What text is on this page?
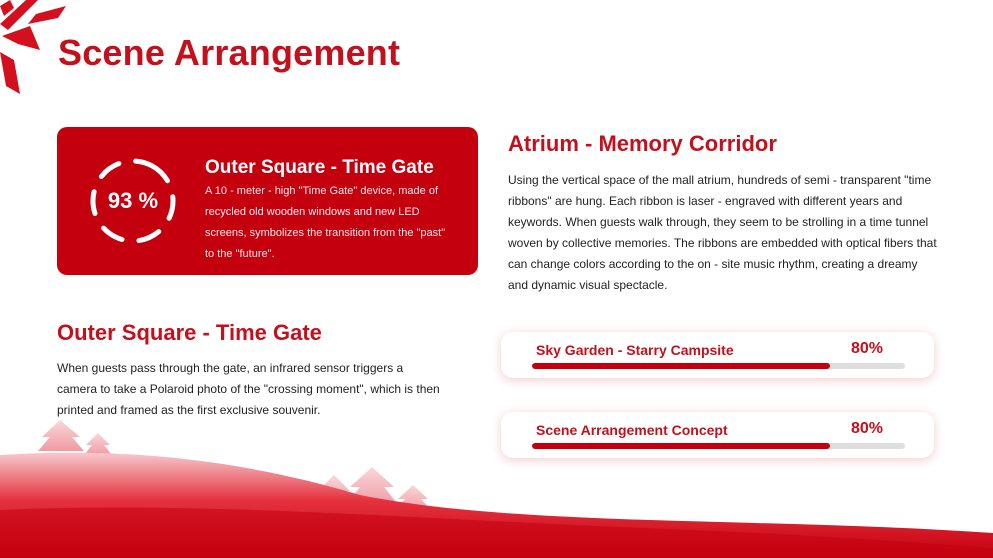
Scene Arrangement
93 %
Outer Square - Time Gate

A 10 - meter - high "Time Gate" device, made of recycled old wooden windows and new LED screens, symbolizes the transition from the "past" to the "future".

Atrium - Memory Corridor

Using the vertical space of the mall atrium, hundreds of semi - transparent "time ribbons" are hung. Each ribbon is laser - engraved with different years and keywords. When guests walk through, they seem to be strolling in a time tunnel woven by collective memories. The ribbons are embedded with optical fibers that can change colors according to the on - site music rhythm, creating a dreamy and dynamic visual spectacle.

Outer Square - Time Gate

When guests pass through the gate, an infrared sensor triggers a camera to take a Polaroid photo of the "crossing moment", which is then printed and framed as the first exclusive souvenir.

Sky Garden - Starry Campsite	80%
Scene Arrangement Concept	80%
